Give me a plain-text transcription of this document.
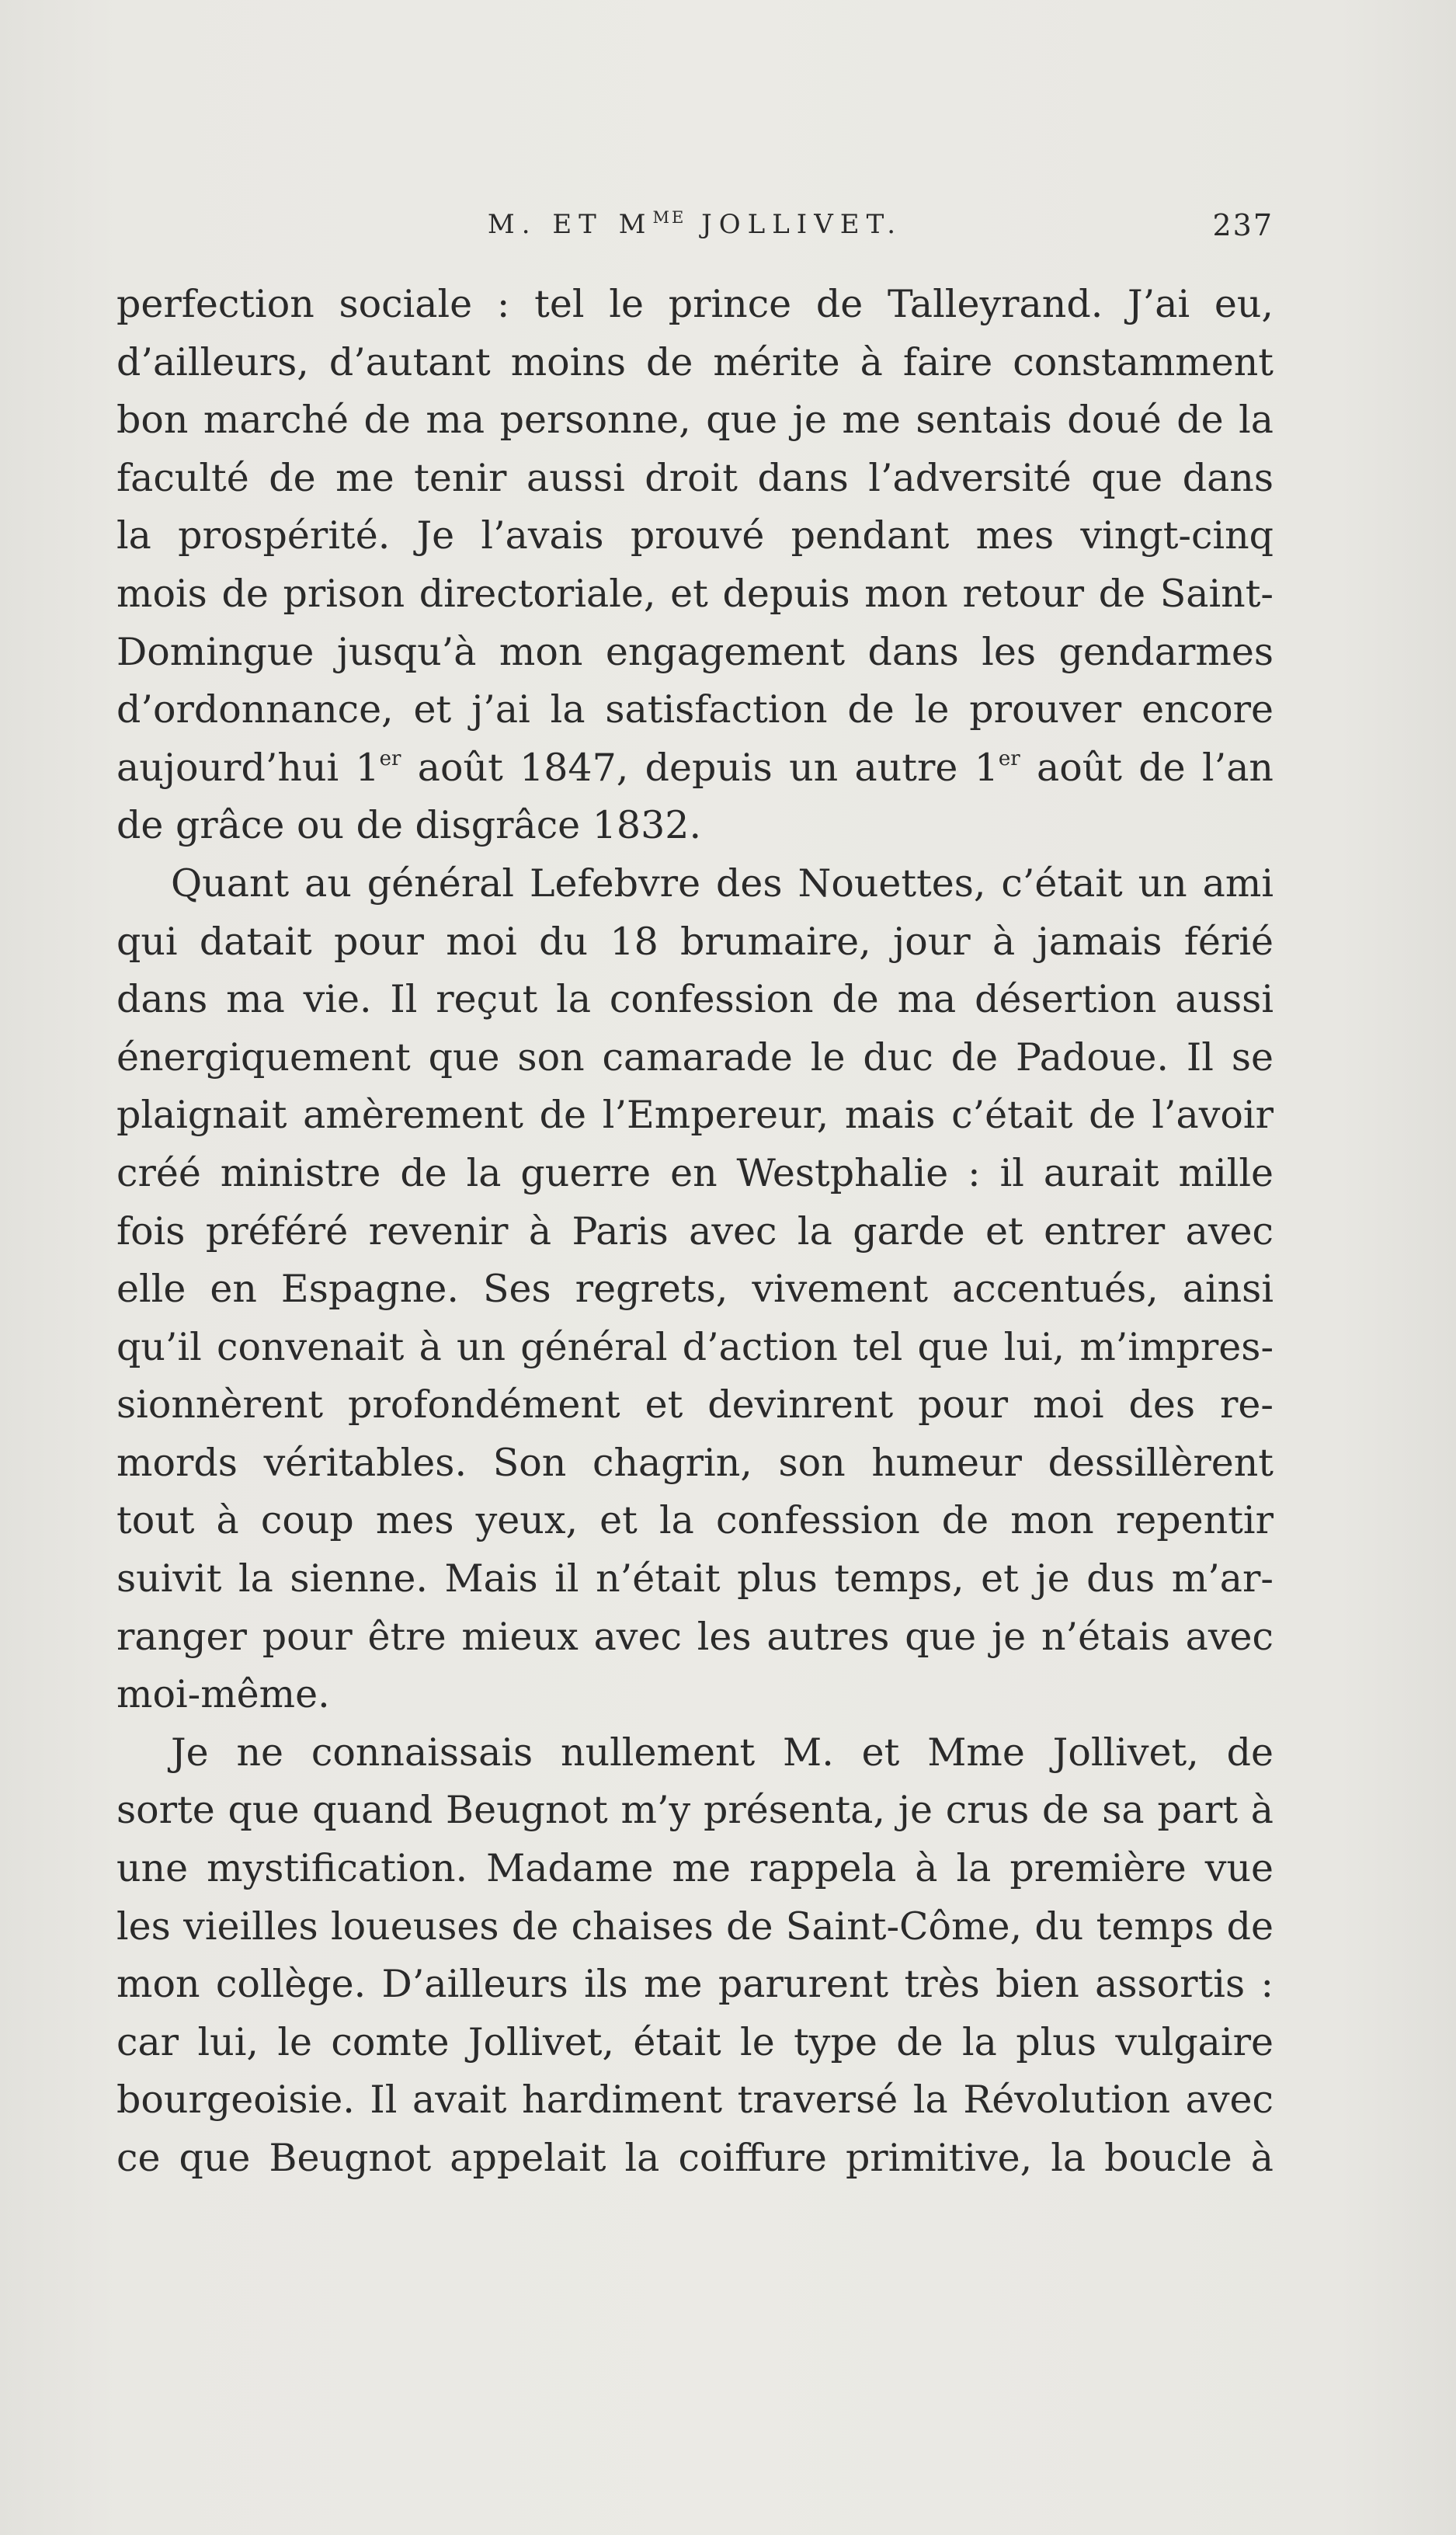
M. ET $M^{ME}$ JOLLIVET.	237
perfection sociale : tel le prince de Talleyrand. J’ai eu,
d’ailleurs, d’autant moins de mérite à faire constamment
bon marché de ma personne, que je me sentais doué de la
faculté de me tenir aussi droit dans l’adversité que dans
la prospérité. Je l’avais prouvé pendant mes vingt-cinq
mois de prison directoriale, et depuis mon retour de Saint-
Domingue jusqu’à mon engagement dans les gendarmes
d’ordonnance, et j’ai la satisfaction de le prouver encore
aujourd’hui 1er août 1847, depuis un autre 1er août de l’an
de grâce ou de disgrâce 1832.
Quant au général Lefebvre des Nouettes, c’était un ami
qui datait pour moi du 18 brumaire, jour à jamais férié
dans ma vie. Il reçut la confession de ma désertion aussi
énergiquement que son camarade le duc de Padoue. Il se
plaignait amèrement de l’Empereur, mais c’était de l’avoir
créé ministre de la guerre en Westphalie : il aurait mille
fois préféré revenir à Paris avec la garde et entrer avec
elle en Espagne. Ses regrets, vivement accentués, ainsi
qu’il convenait à un général d’action tel que lui, m’impres-
sionnèrent profondément et devinrent pour moi des re-
mords véritables. Son chagrin, son humeur dessillèrent
tout à coup mes yeux, et la confession de mon repentir
suivit la sienne. Mais il n’était plus temps, et je dus m’ar-
ranger pour être mieux avec les autres que je n’étais avec
moi-même.
Je ne connaissais nullement M. et Mme Jollivet, de
sorte que quand Beugnot m’y présenta, je crus de sa part à
une mystification. Madame me rappela à la première vue
les vieilles loueuses de chaises de Saint-Côme, du temps de
mon collège. D’ailleurs ils me parurent très bien assortis :
car lui, le comte Jollivet, était le type de la plus vulgaire
bourgeoisie. Il avait hardiment traversé la Révolution avec
ce que Beugnot appelait la coiffure primitive, la boucle à
